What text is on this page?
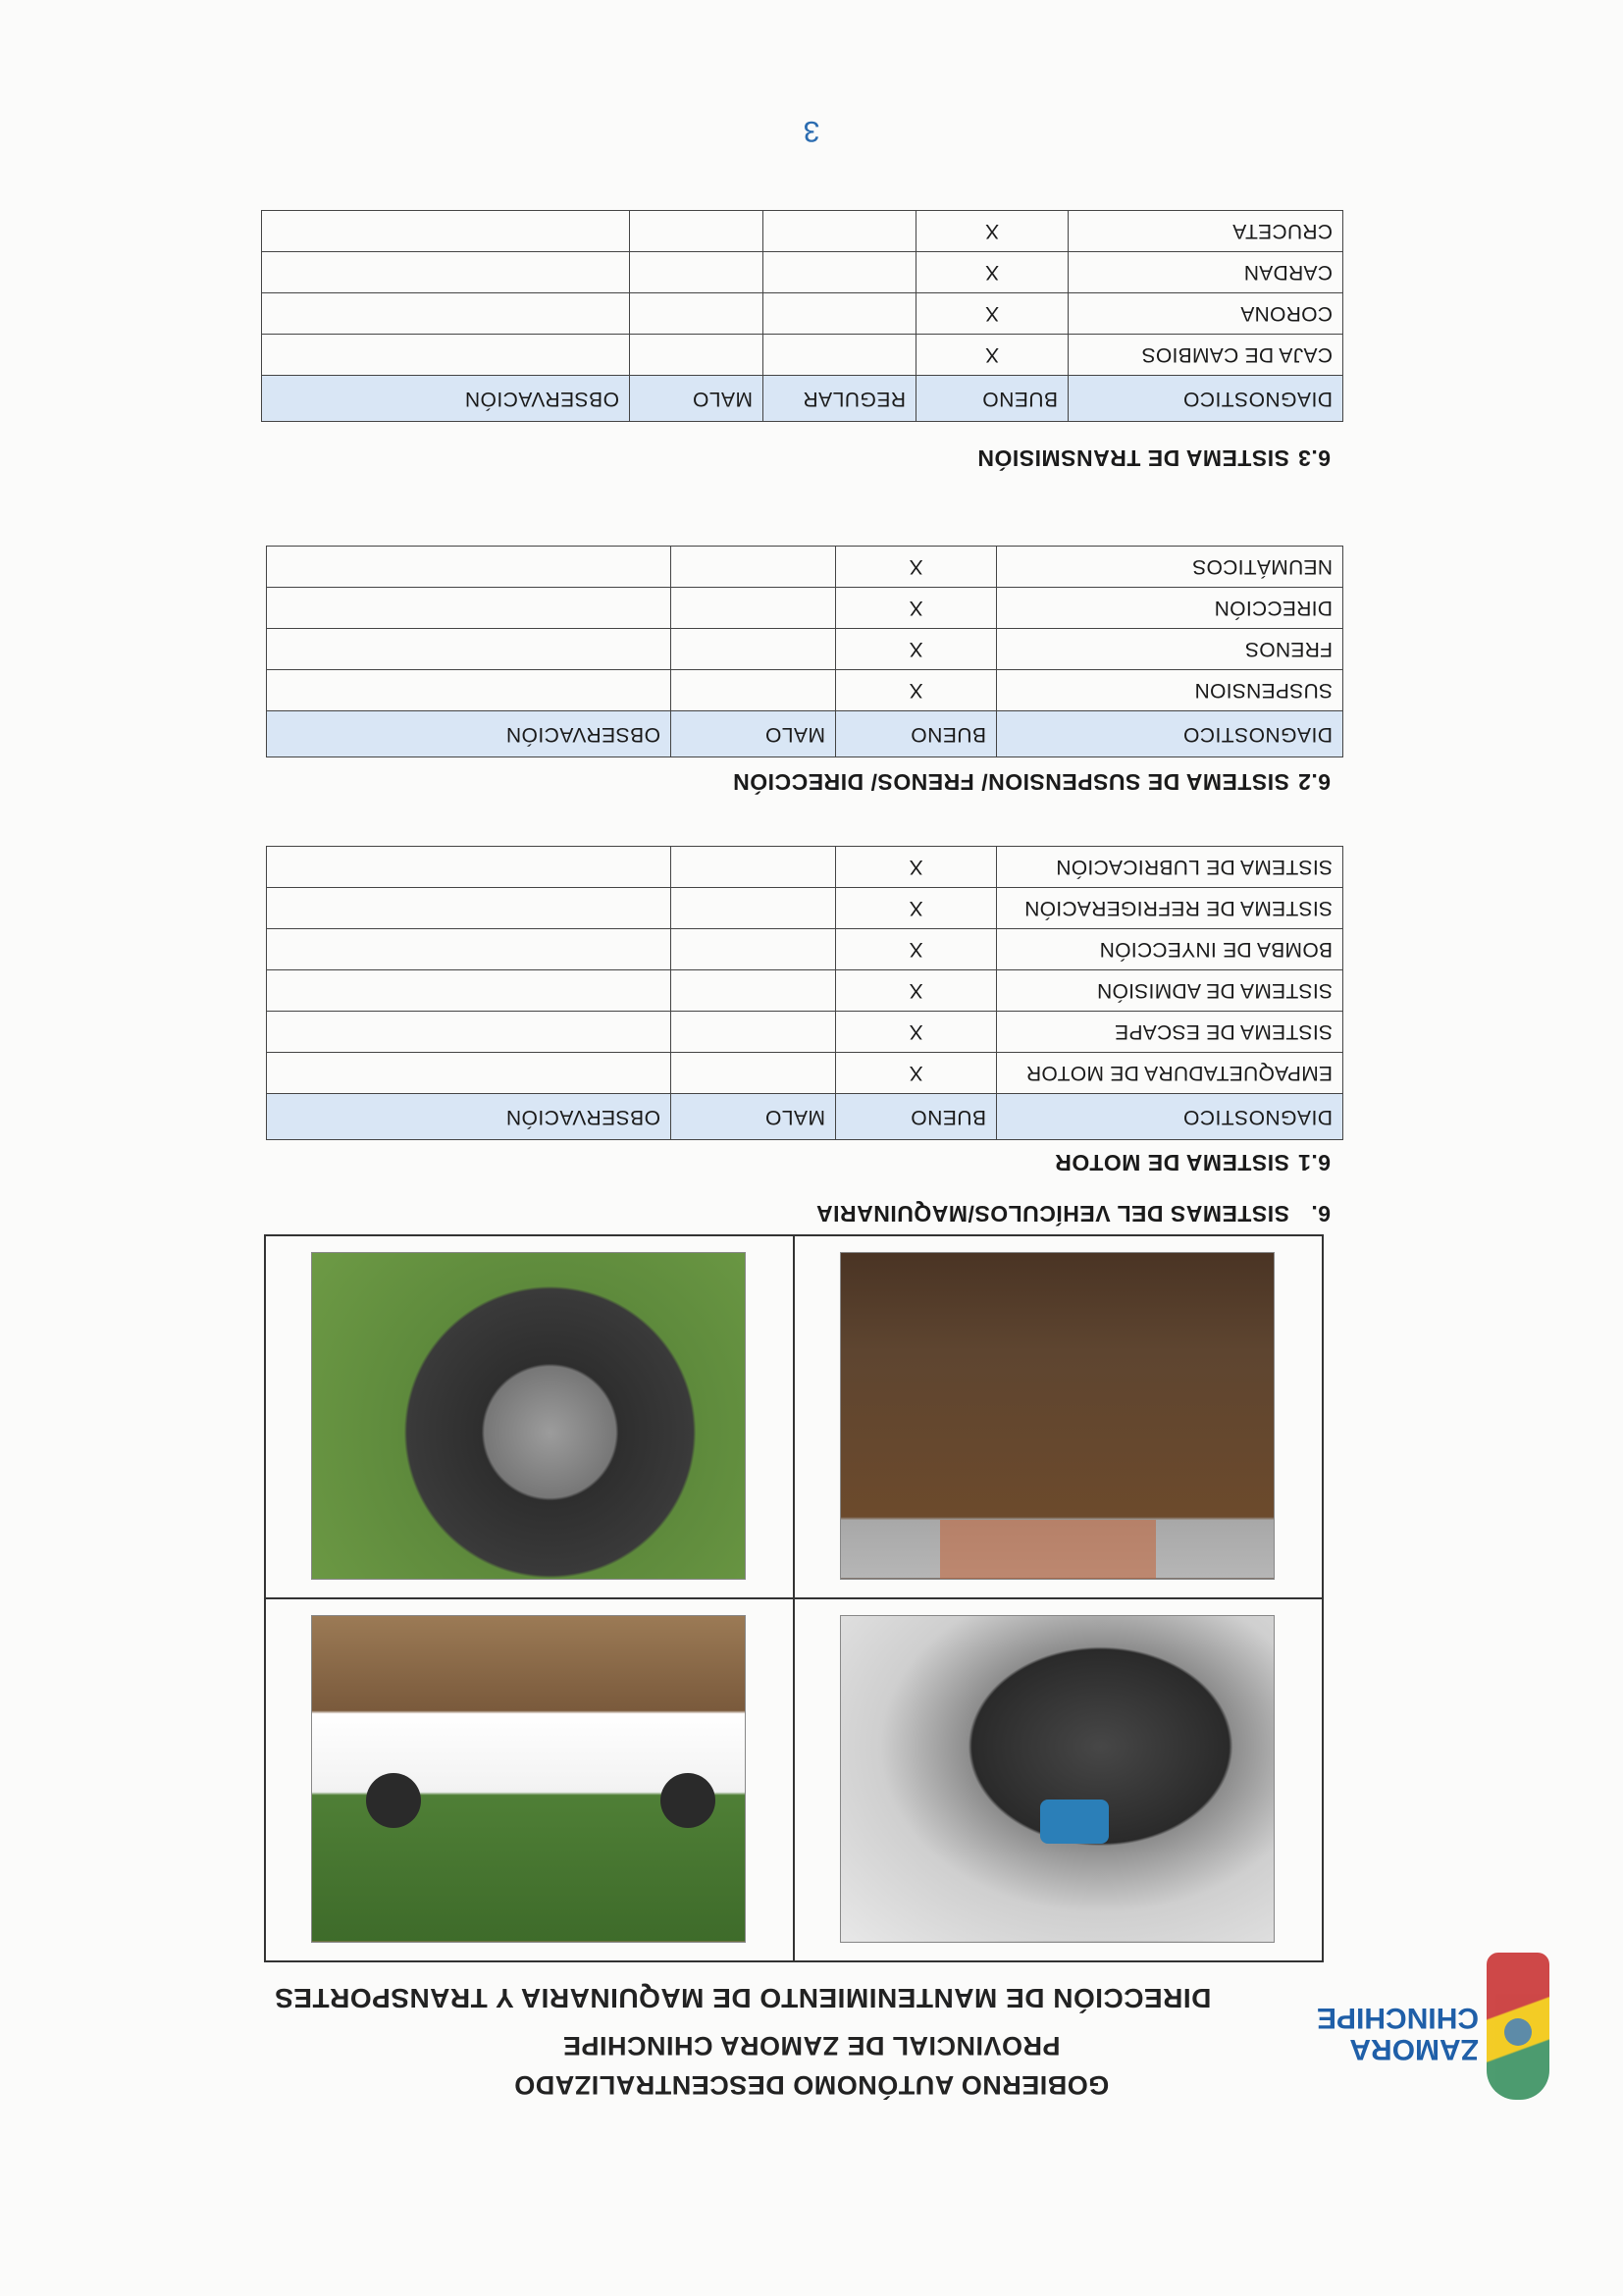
ZAMORA
CHINCHIPE
GOBIERNO AUTÓNOMO DESCENTRALIZADO
PROVINCIAL DE ZAMORA CHINCHIPE
DIRECCIÓN DE MANTENIMIENTO DE MAQUINARIA Y TRANSPORTES

6.SISTEMAS DEL VEHÍCULOS/MAQUINARIA
6.1SISTEMA DE MOTOR
DIAGNOSTICO	BUENO	MALO	OBSERVACIÓN
EMPAQUETADURA DE MOTOR	X		
SISTEMA DE ESCAPE	X		
SISTEMA DE ADMISIÓN	X		
BOMBA DE INYECCIÓN	X		
SISTEMA DE REFRIGERACIÓN	X		
SISTEMA DE LUBRICACIÓN	X		
6.2SISTEMA DE SUSPENSION/ FRENOS/ DIRECCIÓN
DIAGNOSTICO	BUENO	MALO	OBSERVACIÓN
SUSPENSION	X		
FRENOS	X		
DIRECCIÓN	X		
NEUMÁTICOS	X		
6.3SISTEMA DE TRANSMISIÓN
DIAGNOSTICO	BUENO	REGULAR	MALO	OBSERVACIÓN
CAJA DE CAMBIOS	X			
CORONA	X			
CARDAN	X			
CRUCETA	X			
3
